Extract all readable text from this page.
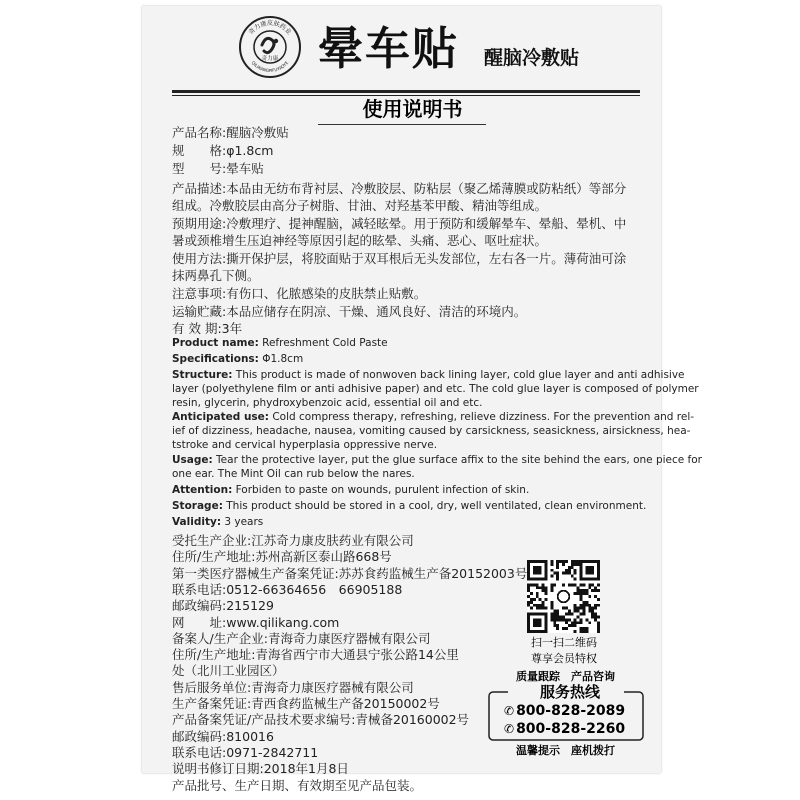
奇力康皮肤药业
QILIKANGPIFUYAOYE
奇力康 晕车贴 醒脑冷敷贴
使用说明书
产品名称:醒脑冷敷贴
规　　格:φ1.8cm
型　　号:晕车贴
产品描述:本品由无纺布背衬层、冷敷胶层、防粘层（聚乙烯薄膜或防粘纸）等部分
组成。冷敷胶层由高分子树脂、甘油、对羟基苯甲酸、精油等组成。
预期用途:冷敷理疗、提神醒脑，减轻眩晕。用于预防和缓解晕车、晕船、晕机、中
暑或颈椎增生压迫神经等原因引起的眩晕、头痛、恶心、呕吐症状。
使用方法:撕开保护层，将胶面贴于双耳根后无头发部位，左右各一片。薄荷油可涂
抹两鼻孔下侧。
注意事项:有伤口、化脓感染的皮肤禁止贴敷。
运输贮藏:本品应储存在阴凉、干燥、通风良好、清洁的环境内。
有 效 期:3年
Product name: Refreshment Cold Paste
Specifications: Φ1.8cm
Structure: This product is made of nonwoven back lining layer, cold glue layer and anti adhisive
layer (polyethylene film or anti adhisive paper) and etc. The cold glue layer is composed of polymer
resin, glycerin, phydroxybenzoic acid, essential oil and etc.
Anticipated use: Cold compress therapy, refreshing, relieve dizziness. For the prevention and rel-
ief of dizziness, headache, nausea, vomiting caused by carsickness, seasickness, airsickness, hea-
tstroke and cervical hyperplasia oppressive nerve.
Usage: Tear the protective layer, put the glue surface affix to the site behind the ears, one piece for
one ear. The Mint Oil can rub below the nares.
Attention: Forbiden to paste on wounds, purulent infection of skin.
Storage: This product should be stored in a cool, dry, well ventilated, clean environment.
Validity: 3 years
受托生产企业:江苏奇力康皮肤药业有限公司
住所/生产地址:苏州高新区泰山路668号
第一类医疗器械生产备案凭证:苏苏食药监械生产备20152003号
联系电话:0512-66364656　66905188
邮政编码:215129
网　　址:www.qilikang.com
备案人/生产企业:青海奇力康医疗器械有限公司
住所/生产地址:青海省西宁市大通县宁张公路14公里
处（北川工业园区）
售后服务单位:青海奇力康医疗器械有限公司
生产备案凭证:青西食药监械生产备20150002号
产品备案凭证/产品技术要求编号:青械备20160002号
邮政编码:810016
联系电话:0971-2842711
说明书修订日期:2018年1月8日
产品批号、生产日期、有效期至见产品包装。
扫一扫二维码
尊享会员特权
质量跟踪　产品咨询
服务热线
✆ 800-828-2089
✆ 800-828-2260
温馨提示　座机拨打
